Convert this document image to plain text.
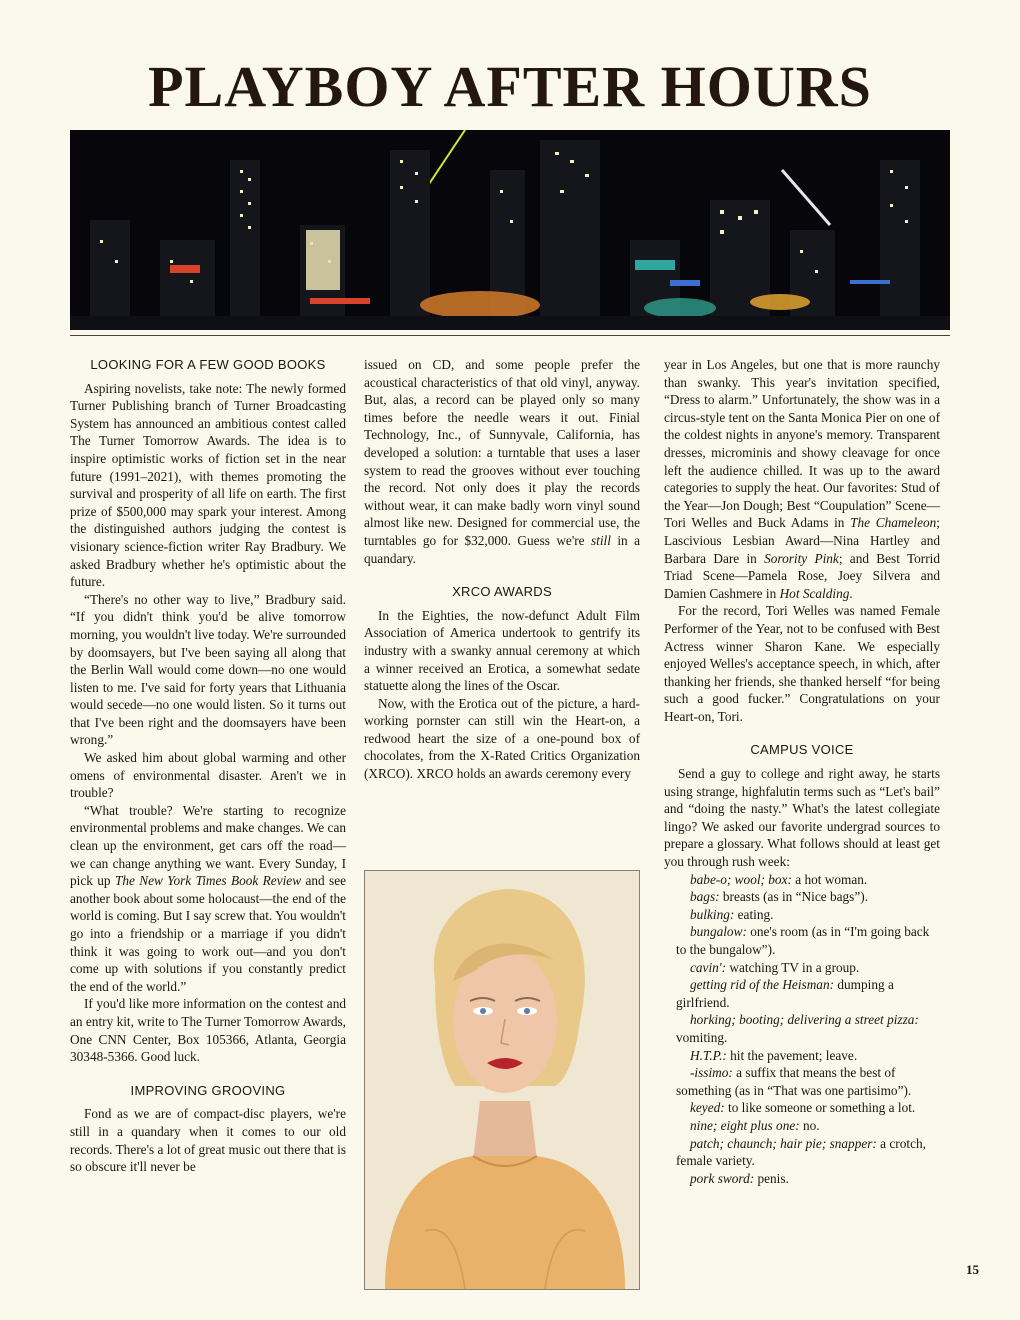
PLAYBOY AFTER HOURS
LOOKING FOR A FEW GOOD BOOKS

Aspiring novelists, take note: The newly formed Turner Publishing branch of Turner Broadcasting System has announced an ambitious contest called The Turner Tomorrow Awards. The idea is to inspire optimistic works of fiction set in the near future (1991–2021), with themes promoting the survival and prosperity of all life on earth. The first prize of $500,000 may spark your interest. Among the distinguished authors judging the contest is visionary science-fiction writer Ray Bradbury. We asked Bradbury whether he's optimistic about the future.

“There's no other way to live,” Bradbury said. “If you didn't think you'd be alive tomorrow morning, you wouldn't live today. We're surrounded by doomsayers, but I've been saying all along that the Berlin Wall would come down—no one would listen to me. I've said for forty years that Lithuania would secede—no one would listen. So it turns out that I've been right and the doomsayers have been wrong.”

We asked him about global warming and other omens of environmental disaster. Aren't we in trouble?

“What trouble? We're starting to recognize environmental problems and make changes. We can clean up the environment, get cars off the road—we can change anything we want. Every Sunday, I pick up The New York Times Book Review and see another book about some holocaust—the end of the world is coming. But I say screw that. You wouldn't go into a friendship or a marriage if you didn't think it was going to work out—and you don't come up with solutions if you constantly predict the end of the world.”

If you'd like more information on the contest and an entry kit, write to The Turner Tomorrow Awards, One CNN Center, Box 105366, Atlanta, Georgia 30348-5366. Good luck.

IMPROVING GROOVING

Fond as we are of compact-disc players, we're still in a quandary when it comes to our old records. There's a lot of great music out there that is so obscure it'll never be

issued on CD, and some people prefer the acoustical characteristics of that old vinyl, anyway. But, alas, a record can be played only so many times before the needle wears it out. Finial Technology, Inc., of Sunnyvale, California, has developed a solution: a turntable that uses a laser system to read the grooves without ever touching the record. Not only does it play the records without wear, it can make badly worn vinyl sound almost like new. Designed for commercial use, the turntables go for $32,000. Guess we're still in a quandary.

XRCO AWARDS

In the Eighties, the now-defunct Adult Film Association of America undertook to gentrify its industry with a swanky annual ceremony at which a winner received an Erotica, a somewhat sedate statuette along the lines of the Oscar.

Now, with the Erotica out of the picture, a hard-working pornster can still win the Heart-on, a redwood heart the size of a one-pound box of chocolates, from the X-Rated Critics Organization (XRCO). XRCO holds an awards ceremony every

year in Los Angeles, but one that is more raunchy than swanky. This year's invitation specified, “Dress to alarm.” Unfortunately, the show was in a circus-style tent on the Santa Monica Pier on one of the coldest nights in anyone's memory. Transparent dresses, microminis and showy cleavage for once left the audience chilled. It was up to the award categories to supply the heat. Our favorites: Stud of the Year—Jon Dough; Best “Coupulation” Scene—Tori Welles and Buck Adams in The Chameleon; Lascivious Lesbian Award—Nina Hartley and Barbara Dare in Sorority Pink; and Best Torrid Triad Scene—Pamela Rose, Joey Silvera and Damien Cashmere in Hot Scalding.

For the record, Tori Welles was named Female Performer of the Year, not to be confused with Best Actress winner Sharon Kane. We especially enjoyed Welles's acceptance speech, in which, after thanking her friends, she thanked herself “for being such a good fucker.” Congratulations on your Heart-on, Tori.

CAMPUS VOICE

Send a guy to college and right away, he starts using strange, highfalutin terms such as “Let's bail” and “doing the nasty.” What's the latest collegiate lingo? We asked our favorite undergrad sources to prepare a glossary. What follows should at least get you through rush week:

babe-o; wool; box: a hot woman.

bags: breasts (as in “Nice bags”).

bulking: eating.

bungalow: one's room (as in “I'm going back to the bungalow”).

cavin': watching TV in a group.

getting rid of the Heisman: dumping a girlfriend.

horking; booting; delivering a street pizza: vomiting.

H.T.P.: hit the pavement; leave.

-issimo: a suffix that means the best of something (as in “That was one partisimo”).

keyed: to like someone or something a lot.

nine; eight plus one: no.

patch; chaunch; hair pie; snapper: a crotch, female variety.

pork sword: penis.

15
